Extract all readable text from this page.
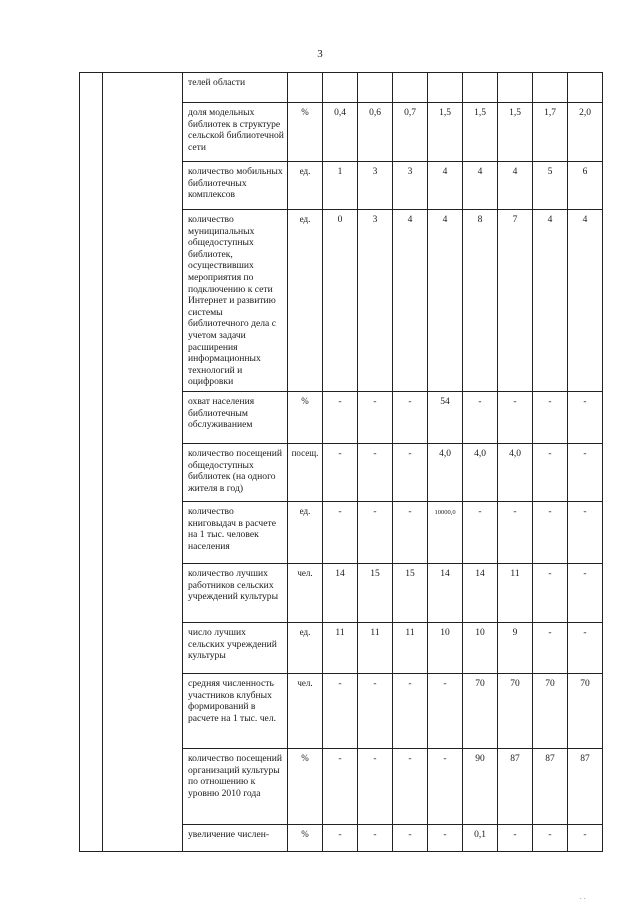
3
		телей области									
		доля модельных библиотек в структуре сельской библиотечной сети	%	0,4	0,6	0,7	1,5	1,5	1,5	1,7	2,0
		количество мобильных библиотечных комплексов	ед.	1	3	3	4	4	4	5	6
		количество муниципальных общедоступных библиотек, осуществивших мероприятия по подключению к сети Интернет и развитию системы библиотечного дела с учетом задачи расширения информационных технологий и оцифровки	ед.	0	3	4	4	8	7	4	4
		охват населения библиотечным обслуживанием	%	-	-	-	54	-	-	-	-
		количество посещений общедоступных библиотек (на одного жителя в год)	посещ.	-	-	-	4,0	4,0	4,0	-	-
		количество книговыдач в расчете на 1 тыс. человек населения	ед.	-	-	-	10000,0	-	-	-	-
		количество лучших работников сельских учреждений культуры	чел.	14	15	15	14	14	11	-	-
		число лучших сельских учреждений культуры	ед.	11	11	11	10	10	9	-	-
		средняя численность участников клубных формирований в расчете на 1 тыс. чел.	чел.	-	-	-	-	70	70	70	70
		количество посещений организаций культуры по отношению к уровню 2010 года	%	-	-	-	-	90	87	87	87
		увеличение числен-	%	-	-	-	-	0,1	-	-	-
· ·
